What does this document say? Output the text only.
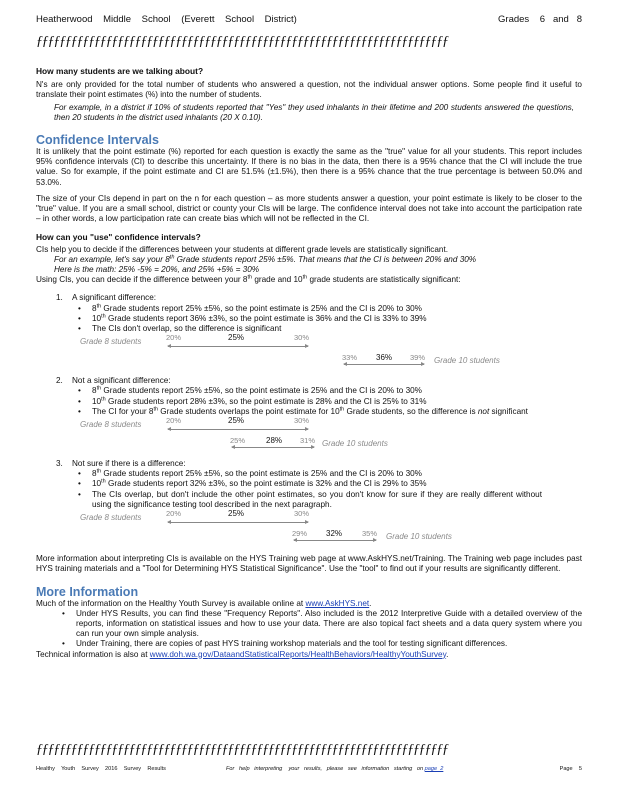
Heatherwood    Middle    School    (Everett    School    District)	Grades    6   and   8
ƒƒƒƒƒƒƒƒƒƒƒƒƒƒƒƒƒƒƒƒƒƒƒƒƒƒƒƒƒƒƒƒƒƒƒƒƒƒƒƒƒƒƒƒƒƒƒƒƒƒƒƒƒƒƒƒƒƒƒƒƒƒƒƒƒƒƒƒƒƒƒ
How many students are we talking about?

N's are only provided for the total number of students who answered a question, not the individual answer options. Some people find it useful to translate their point estimates (%) into the number of students.

For example, in a district if 10% of students reported that "Yes" they used inhalants in their lifetime and 200 students answered the questions, then 20 students in the district used inhalants (20 X 0.10).

Confidence Intervals

It is unlikely that the point estimate (%) reported for each question is exactly the same as the "true" value for all your students. This report includes 95% confidence intervals (CI) to describe this uncertainty. If there is no bias in the data, then there is a 95% chance that the CI will include the true value. So for example, if the point estimate and CI are 51.5% (±1.5%), then there is a 95% chance that the true percentage is between 50.0% and 53.0%.

The size of your CIs depend in part on the n for each question – as more students answer a question, your point estimate is likely to be closer to the "true" value. If you are a small school, district or county your CIs will be large. The confidence interval does not take into account the participation rate – in other words, a low participation rate can create bias which will not be reflected in the CI.

How can you "use" confidence intervals?

CIs help you to decide if the differences between your students at different grade levels are statistically significant.

For an example, let's say your 8th Grade students report 25% ±5%. That means that the CI is between 20% and 30%
Here is the math: 25% -5% = 20%, and 25% +5% = 30%
Using CIs, you can decide if the difference between your 8th grade and 10th grade students are statistically significant:
1. A significant difference:
• 8th Grade students report 25% ±5%, so the point estimate is 25% and the CI is 20% to 30%
• 10th Grade students report 36% ±3%, so the point estimate is 36% and the CI is 33% to 39%
• The CIs don't overlap, so the difference is significant
Grade 8 students	20%	25%	30%
33% 36% 39% Grade 10 students
2. Not a significant difference:
• 8th Grade students report 25% ±5%, so the point estimate is 25% and the CI is 20% to 30%
• 10th Grade students report 28% ±3%, so the point estimate is 28% and the CI is 25% to 31%
• The CI for your 8th Grade students overlaps the point estimate for 10th Grade students, so the difference is not significant
Grade 8 students	20%	25%	30%
25%	28% 31% Grade 10 students
3. Not sure if there is a difference:
• 8th Grade students report 25% ±5%, so the point estimate is 25% and the CI is 20% to 30%
• 10th Grade students report 32% ±3%, so the point estimate is 32% and the CI is 29% to 35%
• The CIs overlap, but don't include the other point estimates, so you don't know for sure if they are really different without using the significance testing tool described in the next paragraph.
Grade 8 students	20%	25%	30%
29% 32%	35% Grade 10 students

More information about interpreting CIs is available on the HYS Training web page at www.AskHYS.net/Training. The Training web page includes past HYS training materials and a "Tool for Determining HYS Statistical Significance". Use the "tool" to find out if your results are significantly different.

More Information
Much of the information on the Healthy Youth Survey is available online at www.AskHYS.net.
• Under HYS Results, you can find these "Frequency Reports". Also included is the 2012 Interpretive Guide with a detailed overview of the reports, information on statistical issues and how to use your data. There are also topical fact sheets and a data query system where you can run your own simple analysis.
• Under Training, there are copies of past HYS training workshop materials and the tool for testing significant differences.
Technical information is also at www.doh.wa.gov/DataandStatisticalReports/HealthBehaviors/HealthyYouthSurvey.
ƒƒƒƒƒƒƒƒƒƒƒƒƒƒƒƒƒƒƒƒƒƒƒƒƒƒƒƒƒƒƒƒƒƒƒƒƒƒƒƒƒƒƒƒƒƒƒƒƒƒƒƒƒƒƒƒƒƒƒƒƒƒƒƒƒƒƒƒƒƒƒ
Healthy    Youth    Survey    2016    Survey    Results	For   help   interpreting    your   results,   please   see   information   starting   on page  2	Page    5
